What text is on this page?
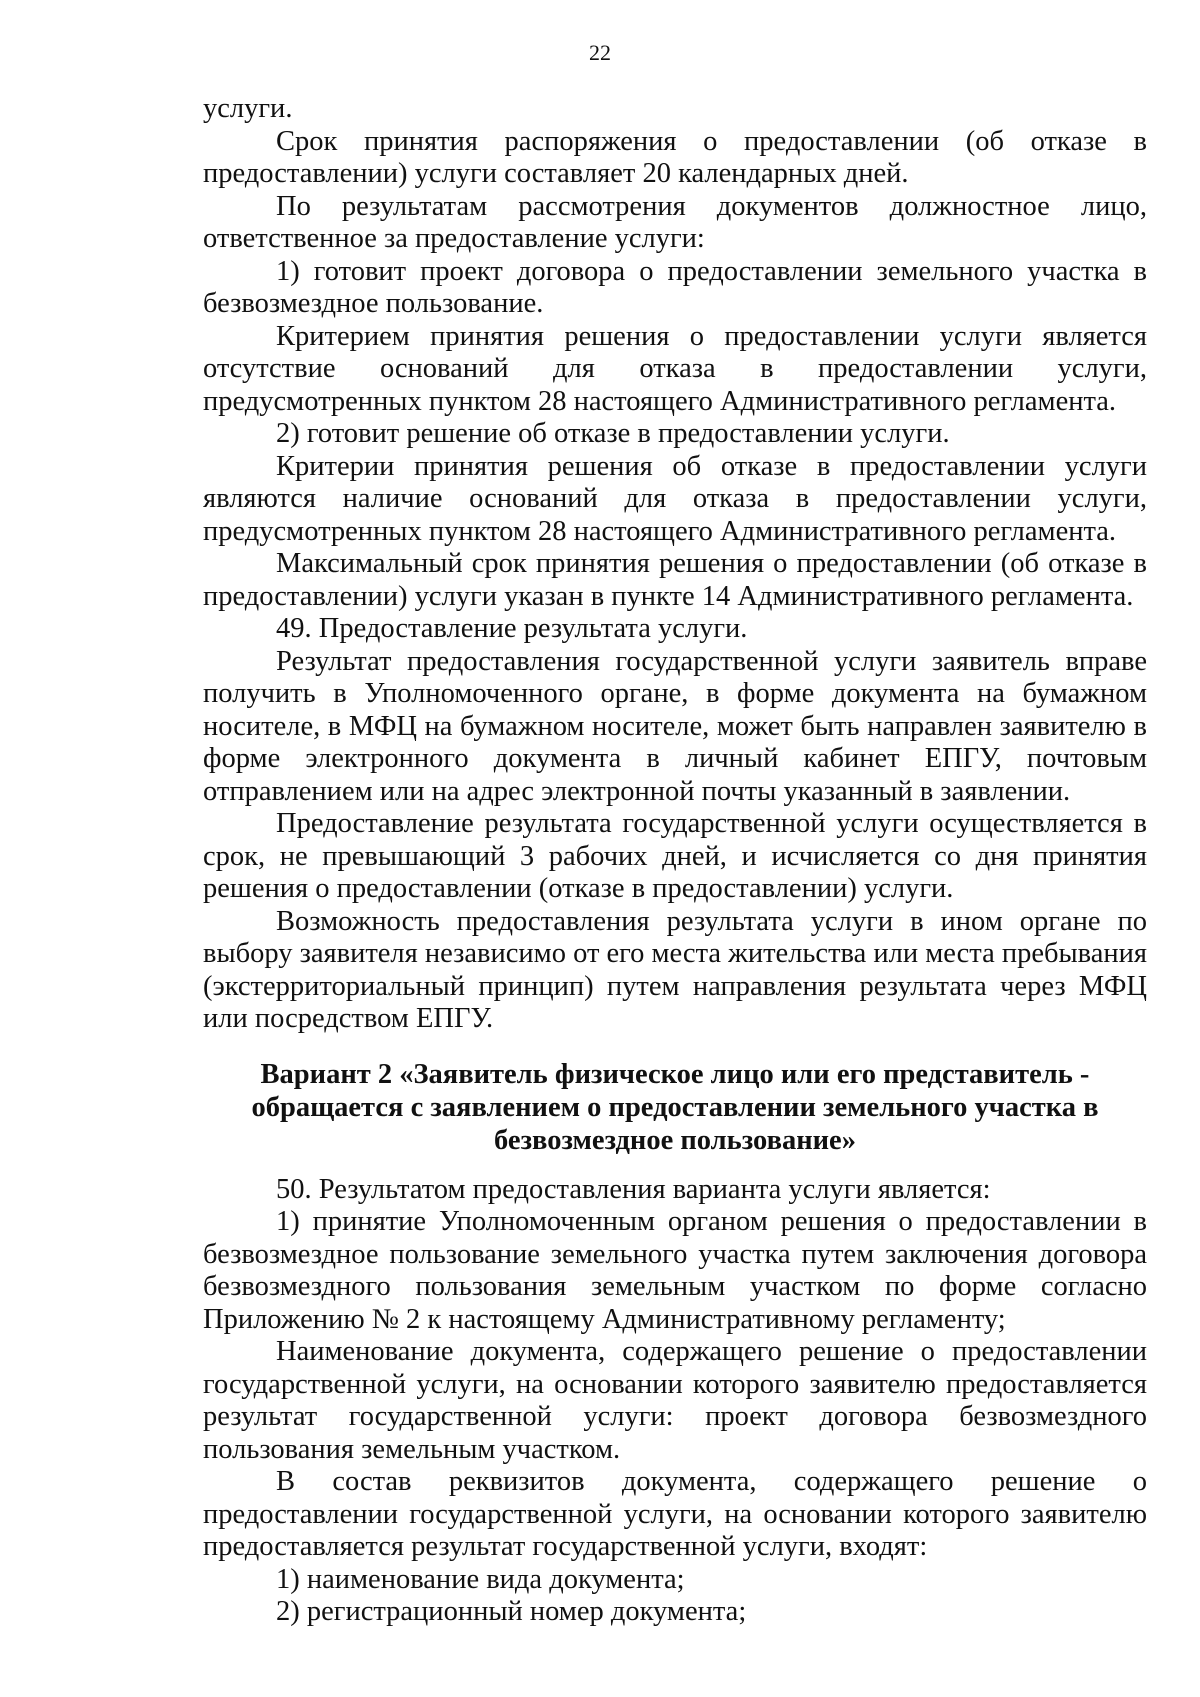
22

услуги.

Срок принятия распоряжения о предоставлении (об отказе в предоставлении) услуги составляет 20 календарных дней.

По результатам рассмотрения документов должностное лицо, ответственное за предоставление услуги:

1) готовит проект договора о предоставлении земельного участка в безвозмездное пользование.

Критерием принятия решения о предоставлении услуги является отсутствие оснований для отказа в предоставлении услуги, предусмотренных пунктом 28 настоящего Административного регламента.

2) готовит решение об отказе в предоставлении услуги.

Критерии принятия решения об отказе в предоставлении услуги являются наличие оснований для отказа в предоставлении услуги, предусмотренных пунктом 28 настоящего Административного регламента.

Максимальный срок принятия решения о предоставлении (об отказе в предоставлении) услуги указан в пункте 14 Административного регламента.

49. Предоставление результата услуги.

Результат предоставления государственной услуги заявитель вправе получить в Уполномоченного органе, в форме документа на бумажном носителе, в МФЦ на бумажном носителе, может быть направлен заявителю в форме электронного документа в личный кабинет ЕПГУ, почтовым отправлением или на адрес электронной почты указанный в заявлении.

Предоставление результата государственной услуги осуществляется в срок, не превышающий 3 рабочих дней, и исчисляется со дня принятия решения о предоставлении (отказе в предоставлении) услуги.

Возможность предоставления результата услуги в ином органе по выбору заявителя независимо от его места жительства или места пребывания (экстерриториальный принцип) путем направления результата через МФЦ или посредством ЕПГУ.

Вариант 2 «Заявитель физическое лицо или его представитель -
обращается с заявлением о предоставлении земельного участка в
безвозмездное пользование»

50. Результатом предоставления варианта услуги является:

1) принятие Уполномоченным органом решения о предоставлении в безвозмездное пользование земельного участка путем заключения договора безвозмездного пользования земельным участком по форме согласно Приложению № 2 к настоящему Административному регламенту;

Наименование документа, содержащего решение о предоставлении государственной услуги, на основании которого заявителю предоставляется результат государственной услуги: проект договора безвозмездного пользования земельным участком.

В состав реквизитов документа, содержащего решение о предоставлении государственной услуги, на основании которого заявителю предоставляется результат государственной услуги, входят:

1) наименование вида документа;

2) регистрационный номер документа;
